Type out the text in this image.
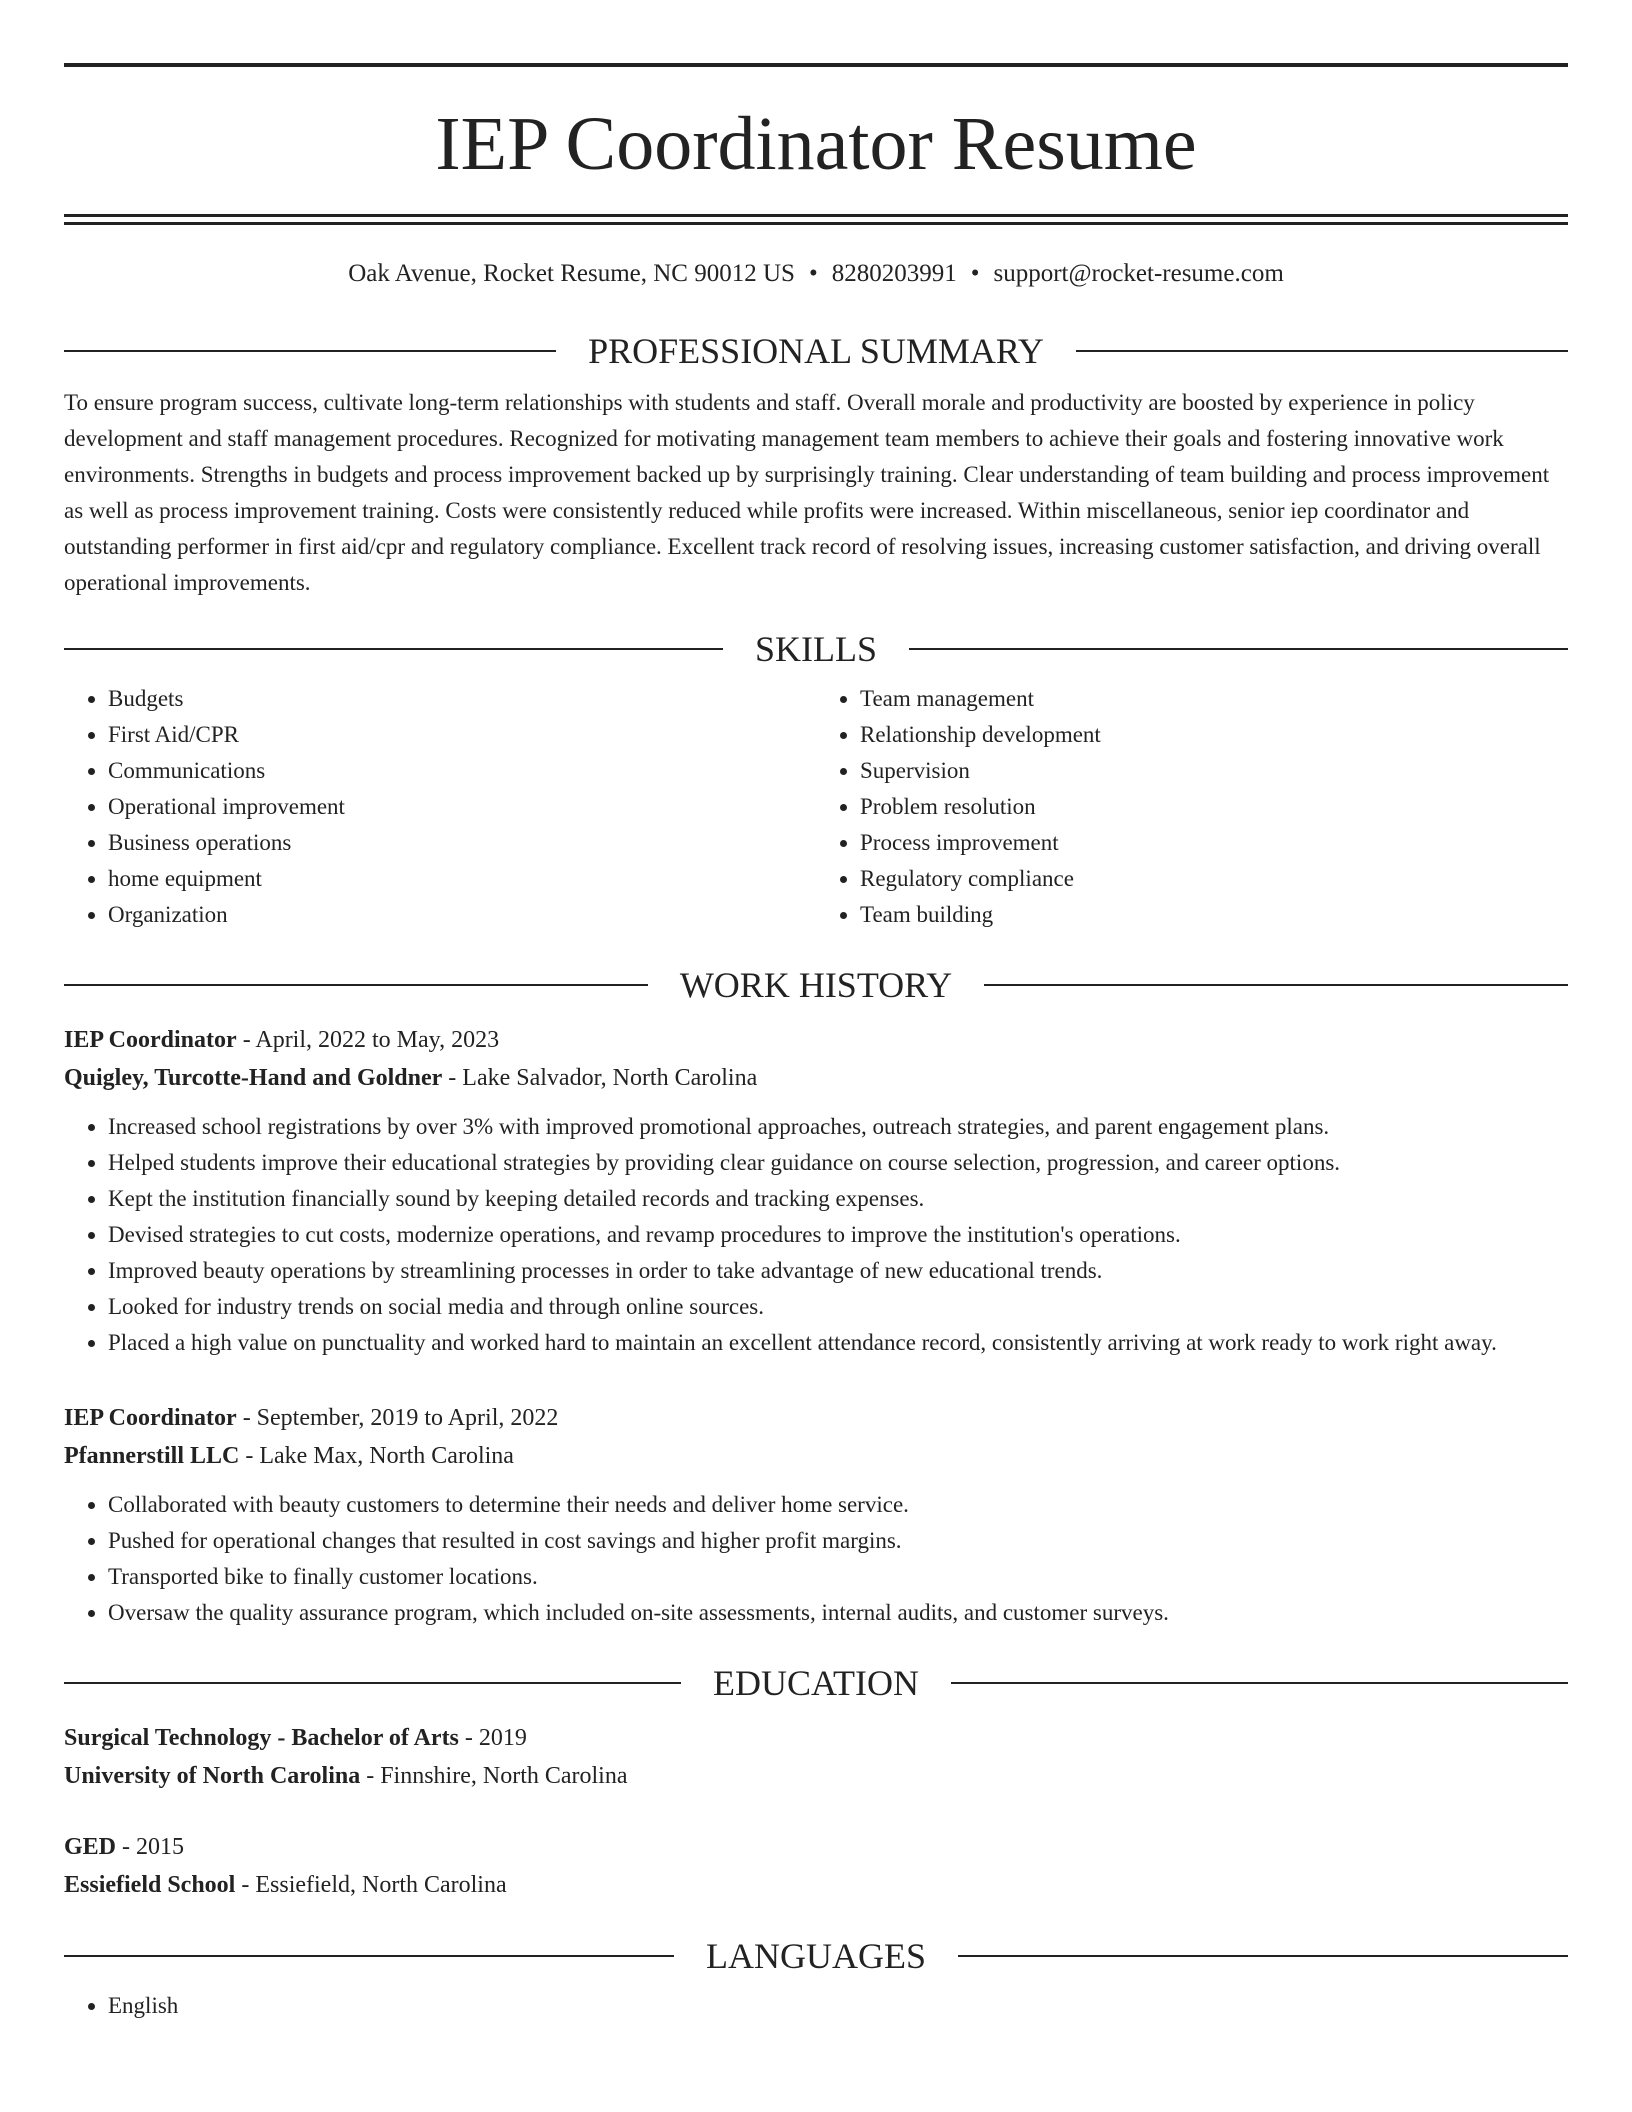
IEP Coordinator Resume
Oak Avenue, Rocket Resume, NC 90012 US • 8280203991 • support@rocket-resume.com
PROFESSIONAL SUMMARY
To ensure program success, cultivate long-term relationships with students and staff. Overall morale and productivity are boosted by experience in policy development and staff management procedures. Recognized for motivating management team members to achieve their goals and fostering innovative work environments. Strengths in budgets and process improvement backed up by surprisingly training. Clear understanding of team building and process improvement as well as process improvement training. Costs were consistently reduced while profits were increased. Within miscellaneous, senior iep coordinator and outstanding performer in first aid/cpr and regulatory compliance. Excellent track record of resolving issues, increasing customer satisfaction, and driving overall operational improvements.
SKILLS
• Budgets
• First Aid/CPR
• Communications
• Operational improvement
• Business operations
• home equipment
• Organization
• Team management
• Relationship development
• Supervision
• Problem resolution
• Process improvement
• Regulatory compliance
• Team building
WORK HISTORY
IEP Coordinator - April, 2022 to May, 2023
Quigley, Turcotte-Hand and Goldner - Lake Salvador, North Carolina
• Increased school registrations by over 3% with improved promotional approaches, outreach strategies, and parent engagement plans.
• Helped students improve their educational strategies by providing clear guidance on course selection, progression, and career options.
• Kept the institution financially sound by keeping detailed records and tracking expenses.
• Devised strategies to cut costs, modernize operations, and revamp procedures to improve the institution's operations.
• Improved beauty operations by streamlining processes in order to take advantage of new educational trends.
• Looked for industry trends on social media and through online sources.
• Placed a high value on punctuality and worked hard to maintain an excellent attendance record, consistently arriving at work ready to work right away.
IEP Coordinator - September, 2019 to April, 2022
Pfannerstill LLC - Lake Max, North Carolina
• Collaborated with beauty customers to determine their needs and deliver home service.
• Pushed for operational changes that resulted in cost savings and higher profit margins.
• Transported bike to finally customer locations.
• Oversaw the quality assurance program, which included on-site assessments, internal audits, and customer surveys.
EDUCATION
Surgical Technology - Bachelor of Arts - 2019
University of North Carolina - Finnshire, North Carolina
GED - 2015
Essiefield School - Essiefield, North Carolina
LANGUAGES
• English
